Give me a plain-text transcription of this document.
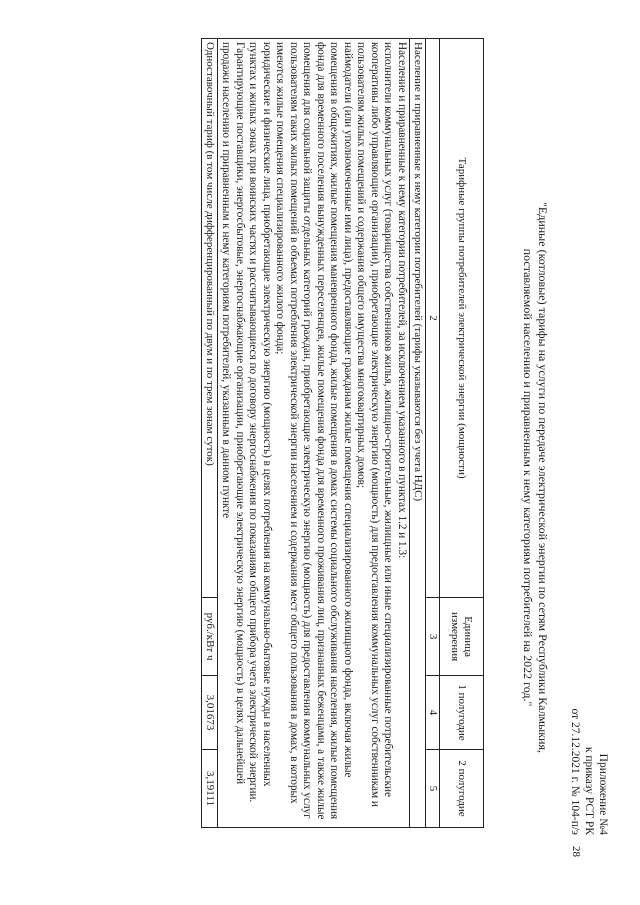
Приложение №4
к приказу РСТ РК
от 27.12.2021 г. № 104-п/э
"Единые (котловые) тарифы на услуги по передаче электрической энергии по сетям Республики Калмыкия,
поставляемой населению и приравненным к нему категориям потребителей на 2022 год."
Тарифные группы потребителей электрической энергии (мощности)	Единица измерения	1 полугодие	2 полугодие
2	3	4	5
Население и приравненные к нему категории потребителей (тарифы указываются без учета НДС)			

Население и приравненные к нему категории потребителей, за исключением указанного в пунктах 1.2 и 1.3:

исполнители коммунальных услуг (товарищества собственников жилья, жилищно-строительные, жилищные или иные специализированные потребительские кооперативы либо управляющие организации), приобретающие электрическую энергию (мощность) для предоставления коммунальных услуг собственникам и пользователям жилых помещений и содержания общего имущества многоквартирных домов;

наймодатели (или уполномоченные ими лица), предоставляющие гражданам жилые помещения специализированного жилищного фонда, включая жилые помещения в общежитиях, жилые помещения маневренного фонда, жилые помещения в домах системы социального обслуживания населения, жилые помещения фонда для временного поселения вынужденных переселенцев, жилые помещения фонда для временного проживания лиц, признанных беженцами, а также жилые помещения для социальной защиты отдельных категорий граждан, приобретающие электрическую энергию (мощность) для предоставления коммунальных услуг пользователям таких жилых помещений в объемах потребления электрической энергии населением и содержания мест общего пользования в домах, в которых имеются жилые помещения специализированного жилого фонда;

юридические и физические лица, приобретающие электрическую энергию (мощность) в целях потребления на коммунально-бытовые нужды в населенных пунктах и жилых зонах при воинских частях и рассчитывающиеся по договору энергоснабжения по показаниям общего прибора учета электрической энергии.

Гарантирующие поставщики, энергосбытовые, энергоснабжающие организации, приобретающие электрическую энергию (мощность) в целях дальнейшей продажи населению и приравненным к нему категориям потребителей, указанным в данном пункте			

Одноставочный тариф (в том числе дифференцированный по двум и по трем зонам суток)	руб./кВт ч	3,01673	3,19111
28
